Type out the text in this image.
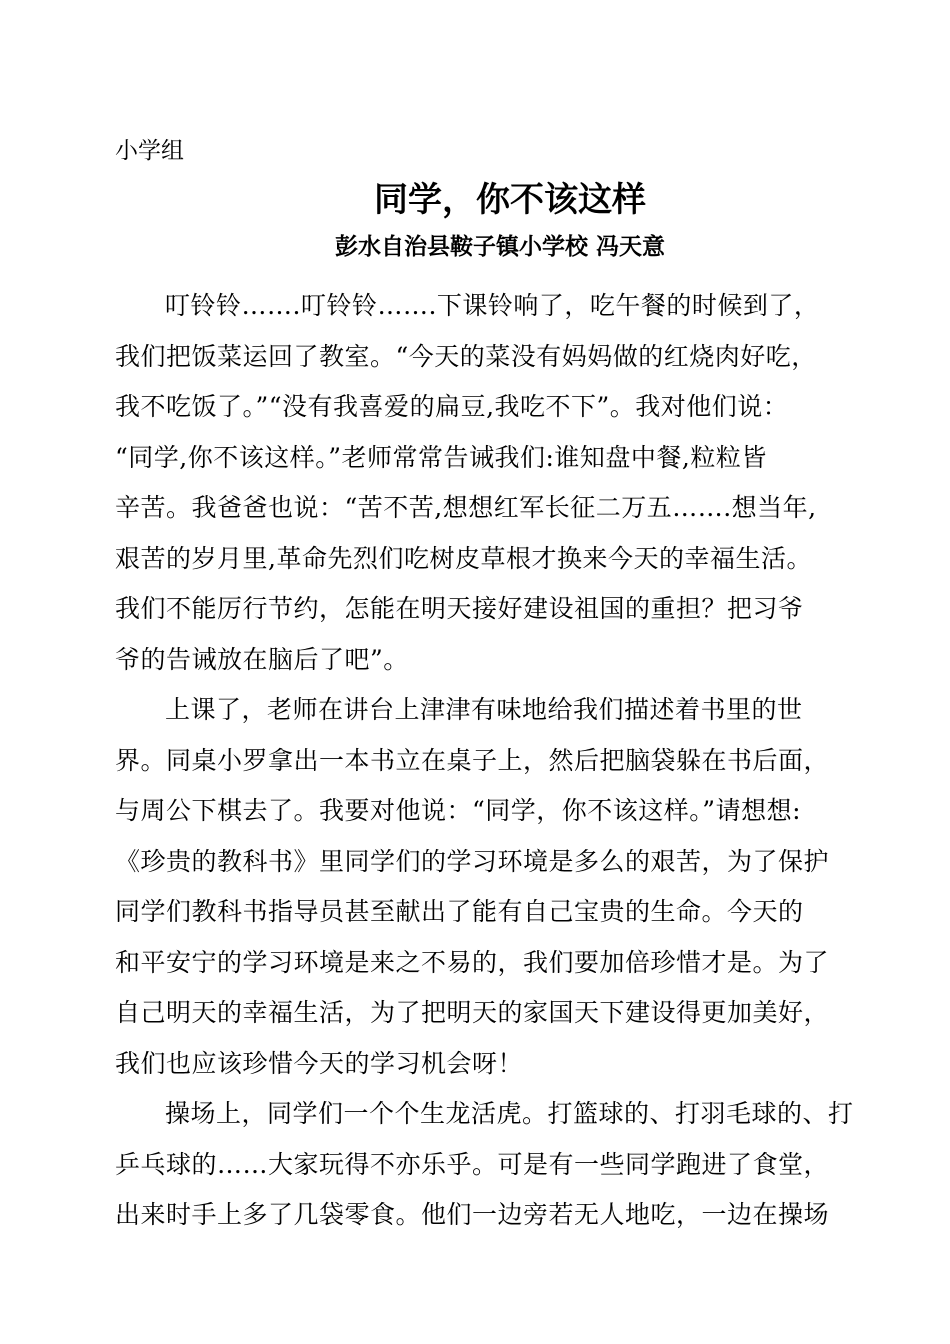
小学组
同学，你不该这样
彭水自治县鞍子镇小学校 冯天意
叮铃铃…….叮铃铃…….下课铃响了，吃午餐的时候到了，
我们把饭菜运回了教室。“今天的菜没有妈妈做的红烧肉好吃，
我不吃饭了。”“没有我喜爱的扁豆,我吃不下”。我对他们说：
“同学,你不该这样。”老师常常告诫我们:谁知盘中餐,粒粒皆
辛苦。我爸爸也说：“苦不苦,想想红军长征二万五…….想当年,
艰苦的岁月里,革命先烈们吃树皮草根才换来今天的幸福生活。
我们不能厉行节约，怎能在明天接好建设祖国的重担？把习爷
爷的告诫放在脑后了吧”。
上课了，老师在讲台上津津有味地给我们描述着书里的世
界。同桌小罗拿出一本书立在桌子上，然后把脑袋躲在书后面，
与周公下棋去了。我要对他说：“同学，你不该这样。”请想想:
《珍贵的教科书》里同学们的学习环境是多么的艰苦，为了保护
同学们教科书指导员甚至献出了能有自己宝贵的生命。今天的
和平安宁的学习环境是来之不易的，我们要加倍珍惜才是。为了
自己明天的幸福生活，为了把明天的家国天下建设得更加美好，
我们也应该珍惜今天的学习机会呀！
操场上，同学们一个个生龙活虎。打篮球的、打羽毛球的、打
乒乓球的……大家玩得不亦乐乎。可是有一些同学跑进了食堂，
出来时手上多了几袋零食。他们一边旁若无人地吃，一边在操场
